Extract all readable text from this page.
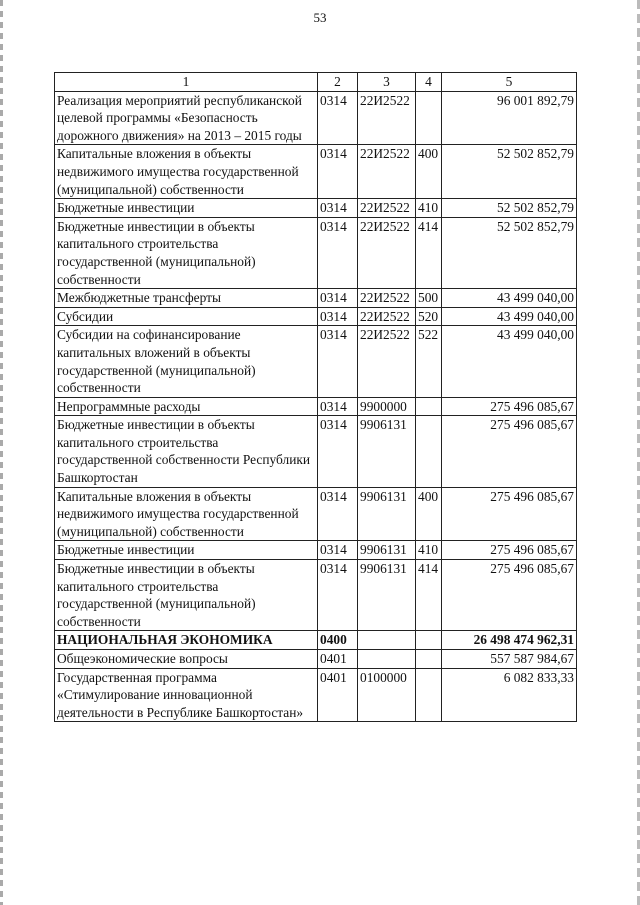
53
1	2	3	4	5
Реализация мероприятий республиканской целевой программы «Безопасность дорожного движения» на 2013 – 2015 годы	0314	22И2522		96 001 892,79
Капитальные вложения в объекты недвижимого имущества государственной (муниципальной) собственности	0314	22И2522	400	52 502 852,79
Бюджетные инвестиции	0314	22И2522	410	52 502 852,79
Бюджетные инвестиции в объекты капитального строительства государственной (муниципальной) собственности	0314	22И2522	414	52 502 852,79
Межбюджетные трансферты	0314	22И2522	500	43 499 040,00
Субсидии	0314	22И2522	520	43 499 040,00
Субсидии на софинансирование капитальных вложений в объекты государственной (муниципальной) собственности	0314	22И2522	522	43 499 040,00
Непрограммные расходы	0314	9900000		275 496 085,67
Бюджетные инвестиции в объекты капитального строительства государственной собственности Республики Башкортостан	0314	9906131		275 496 085,67
Капитальные вложения в объекты недвижимого имущества государственной (муниципальной) собственности	0314	9906131	400	275 496 085,67
Бюджетные инвестиции	0314	9906131	410	275 496 085,67
Бюджетные инвестиции в объекты капитального строительства государственной (муниципальной) собственности	0314	9906131	414	275 496 085,67
НАЦИОНАЛЬНАЯ ЭКОНОМИКА	0400			26 498 474 962,31
Общеэкономические вопросы	0401			557 587 984,67
Государственная программа «Стимулирование инновационной деятельности в Республике Башкортостан»	0401	0100000		6 082 833,33
